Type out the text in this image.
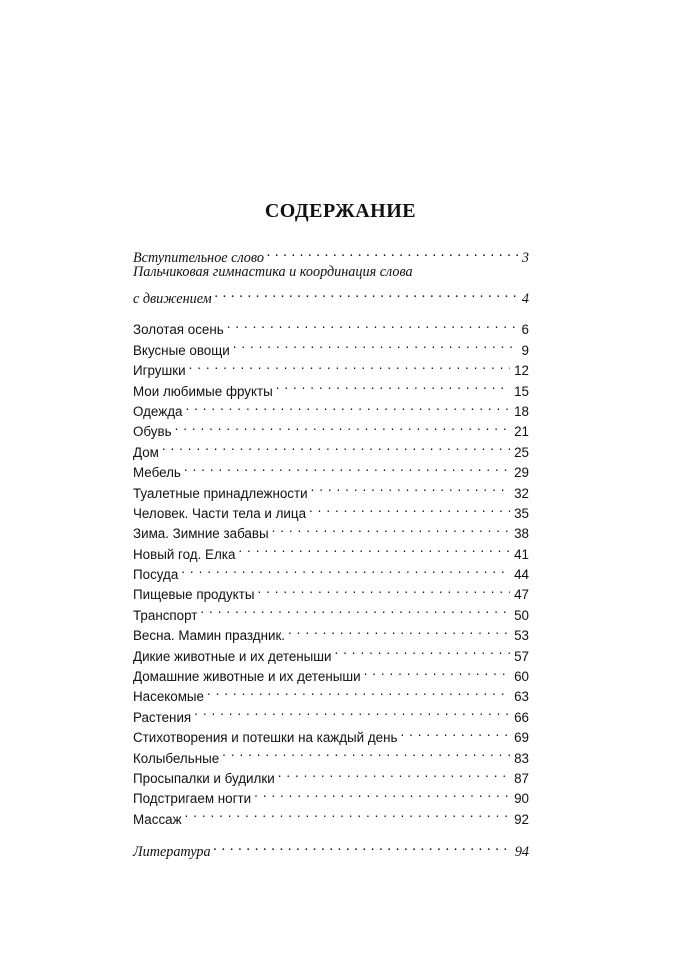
СОДЕРЖАНИЕ
Вступительное слово . . .	3
Пальчиковая гимнастика и координация слова
с движением . . .	4
Золотая осень . . .	6
Вкусные овощи . . .	9
Игрушки . . .	12
Мои любимые фрукты . . .	15
Одежда . . .	18
Обувь . . .	21
Дом . . .	25
Мебель . . .	29
Туалетные принадлежности . . .	32
Человек. Части тела и лица . . .	35
Зима. Зимние забавы . . .	38
Новый год. Елка . . .	41
Посуда . . .	44
Пищевые продукты . . .	47
Транспорт . . .	50
Весна. Мамин праздник. . . .	53
Дикие животные и их детеныши . . .	57
Домашние животные и их детеныши . . .	60
Насекомые . . .	63
Растения . . .	66
Стихотворения и потешки на каждый день . . .	69
Колыбельные . . .	83
Просыпалки и будилки . . .	87
Подстригаем ногти . . .	90
Массаж . . .	92
Литература . . .	94
